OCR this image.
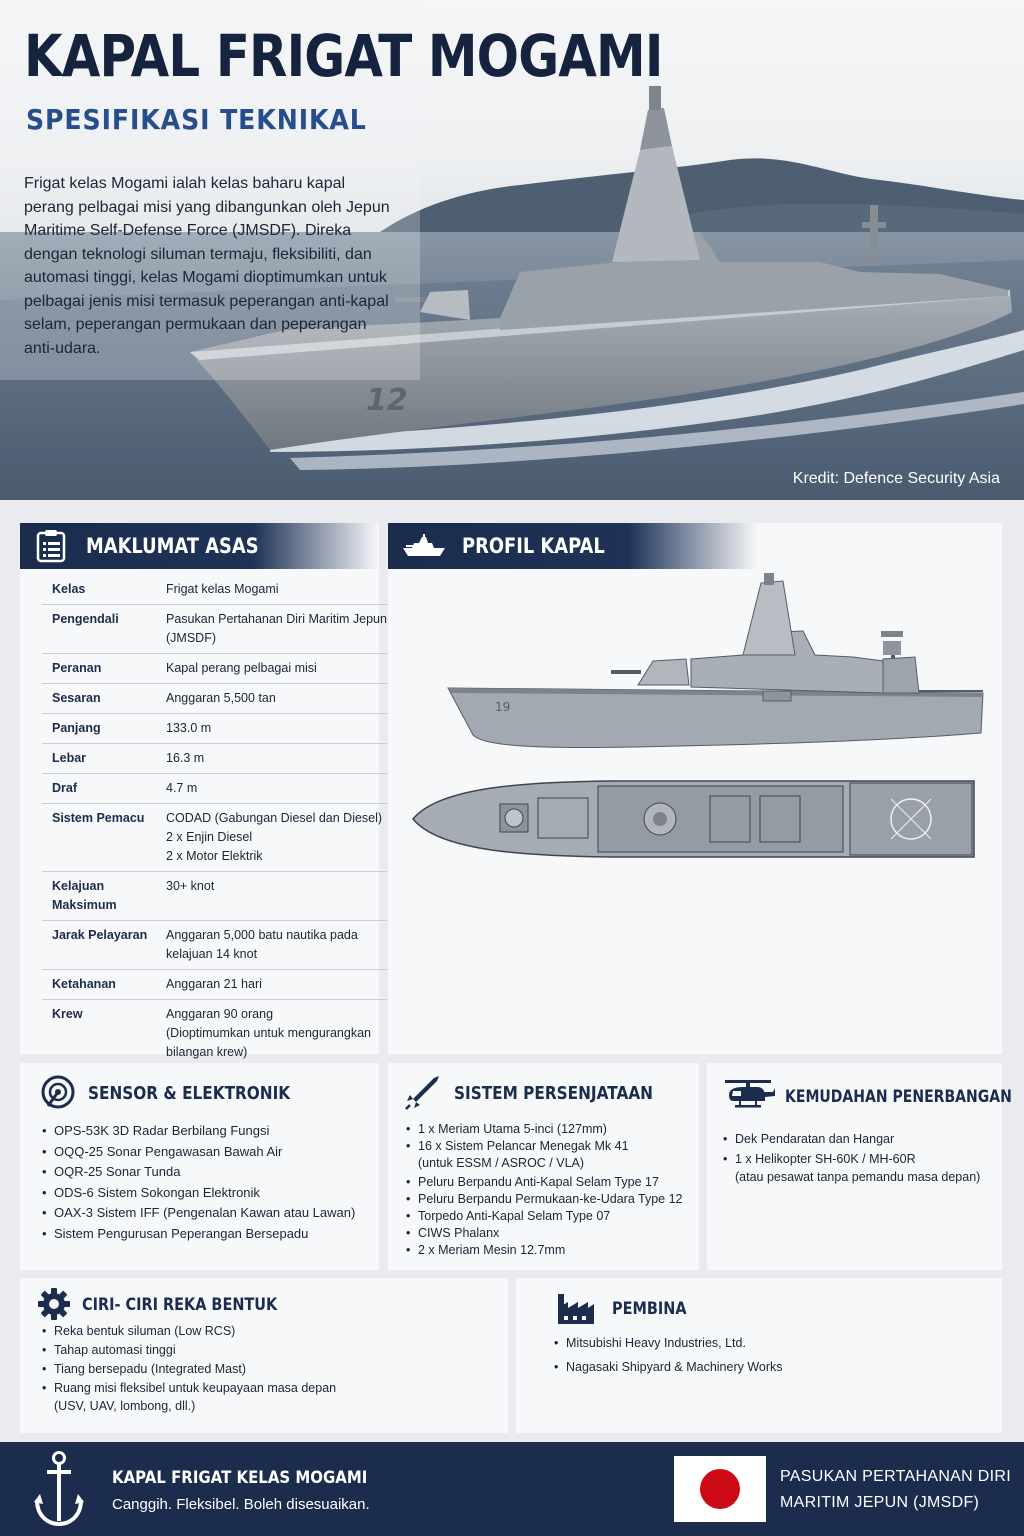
12
KAPAL FRIGAT MOGAMI
SPESIFIKASI TEKNIKAL
Frigat kelas Mogami ialah kelas baharu kapal perang pelbagai misi yang dibangunkan oleh Jepun Maritime Self-Defense Force (JMSDF). Direka dengan teknologi siluman termaju, fleksibiliti, dan automasi tinggi, kelas Mogami dioptimumkan untuk pelbagai jenis misi termasuk peperangan anti-kapal selam, peperangan permukaan dan peperangan anti-udara.
Kredit: Defence Security Asia
MAKLUMAT ASAS
Kelas	Frigat kelas Mogami
Pengendali	Pasukan Pertahanan Diri Maritim Jepun (JMSDF)
Peranan	Kapal perang pelbagai misi
Sesaran	Anggaran 5,500 tan
Panjang	133.0 m
Lebar	16.3 m
Draf	4.7 m
Sistem Pemacu	CODAD (Gabungan Diesel dan Diesel)
2 x Enjin Diesel
2 x Motor Elektrik
Kelajuan Maksimum	30+ knot
Jarak Pelayaran	Anggaran 5,000 batu nautika pada kelajuan 14 knot
Ketahanan	Anggaran 21 hari
Krew	Anggaran 90 orang
(Dioptimumkan untuk mengurangkan bilangan krew)
PROFIL KAPAL
19
SENSOR & ELEKTRONIK
• OPS-53K 3D Radar Berbilang Fungsi
• OQQ-25 Sonar Pengawasan Bawah Air
• OQR-25 Sonar Tunda
• ODS-6 Sistem Sokongan Elektronik
• OAX-3 Sistem IFF (Pengenalan Kawan atau Lawan)
• Sistem Pengurusan Peperangan Bersepadu
SISTEM PERSENJATAAN
• 1 x Meriam Utama 5-inci (127mm)
• 16 x Sistem Pelancar Menegak Mk 41
(untuk ESSM / ASROC / VLA)
• Peluru Berpandu Anti-Kapal Selam Type 17
• Peluru Berpandu Permukaan-ke-Udara Type 12
• Torpedo Anti-Kapal Selam Type 07
• CIWS Phalanx
• 2 x Meriam Mesin 12.7mm
KEMUDAHAN PENERBANGAN
• Dek Pendaratan dan Hangar
• 1 x Helikopter SH-60K / MH-60R
(atau pesawat tanpa pemandu masa depan)
CIRI- CIRI REKA BENTUK
• Reka bentuk siluman (Low RCS)
• Tahap automasi tinggi
• Tiang bersepadu (Integrated Mast)
• Ruang misi fleksibel untuk keupayaan masa depan
(USV, UAV, lombong, dll.)
PEMBINA
• Mitsubishi Heavy Industries, Ltd.
• Nagasaki Shipyard & Machinery Works
KAPAL FRIGAT KELAS MOGAMI
Canggih. Fleksibel. Boleh disesuaikan.
PASUKAN PERTAHANAN DIRI
MARITIM JEPUN (JMSDF)
